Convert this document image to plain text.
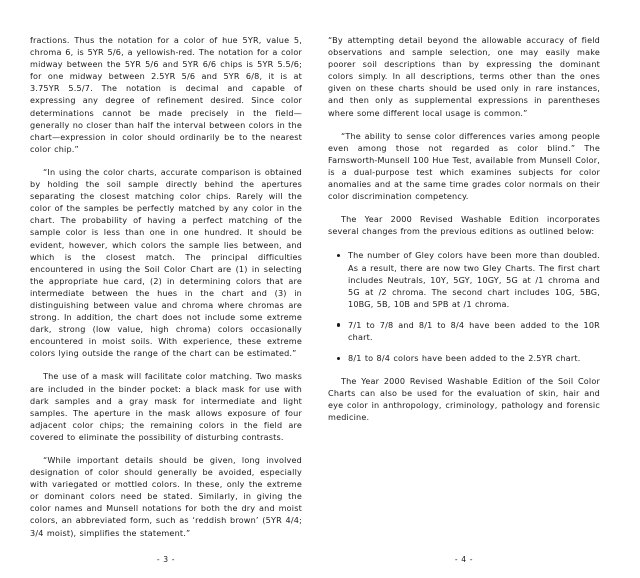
fractions. Thus the notation for a color of hue 5YR, value 5, chroma 6, is 5YR 5/6, a yellowish-red. The notation for a color midway between the 5YR 5/6 and 5YR 6/6 chips is 5YR 5.5/6; for one midway between 2.5YR 5/6 and 5YR 6/8, it is at 3.75YR 5.5/7. The notation is decimal and capable of expressing any degree of refinement desired. Since color determinations cannot be made precisely in the field—generally no closer than half the interval between colors in the chart—expression in color should ordinarily be to the nearest color chip.”

“In using the color charts, accurate comparison is obtained by holding the soil sample directly behind the apertures separating the closest matching color chips. Rarely will the color of the samples be perfectly matched by any color in the chart. The probability of having a perfect matching of the sample color is less than one in one hundred. It should be evident, however, which colors the sample lies between, and which is the closest match. The principal difficulties encountered in using the Soil Color Chart are (1) in selecting the appropriate hue card, (2) in determining colors that are intermediate between the hues in the chart and (3) in distinguishing between value and chroma where chromas are strong. In addition, the chart does not include some extreme dark, strong (low value, high chroma) colors occasionally encountered in moist soils. With experience, these extreme colors lying outside the range of the chart can be estimated.”

The use of a mask will facilitate color matching. Two masks are included in the binder pocket: a black mask for use with dark samples and a gray mask for intermediate and light samples. The aperture in the mask allows exposure of four adjacent color chips; the remaining colors in the field are covered to eliminate the possibility of disturbing contrasts.

“While important details should be given, long involved designation of color should generally be avoided, especially with variegated or mottled colors. In these, only the extreme or dominant colors need be stated. Similarly, in giving the color names and Munsell notations for both the dry and moist colors, an abbreviated form, such as ‘reddish brown’ (5YR 4/4; 3/4 moist), simplifies the statement.”

“By attempting detail beyond the allowable accuracy of field observations and sample selection, one may easily make poorer soil descriptions than by expressing the dominant colors simply. In all descriptions, terms other than the ones given on these charts should be used only in rare instances, and then only as supplemental expressions in parentheses where some different local usage is common.”

“The ability to sense color differences varies among people even among those not regarded as color blind.” The Farnsworth-Munsell 100 Hue Test, available from Munsell Color, is a dual-purpose test which examines subjects for color anomalies and at the same time grades color normals on their color discrimination competency.

The Year 2000 Revised Washable Edition incorporates several changes from the previous editions as outlined below:

The number of Gley colors have been more than doubled. As a result, there are now two Gley Charts. The first chart includes Neutrals, 10Y, 5GY, 10GY, 5G at /1 chroma and 5G at /2 chroma. The second chart includes 10G, 5BG, 10BG, 5B, 10B and 5PB at /1 chroma.
7/1 to 7/8 and 8/1 to 8/4 have been added to the 10R chart.
8/1 to 8/4 colors have been added to the 2.5YR chart.

The Year 2000 Revised Washable Edition of the Soil Color Charts can also be used for the evaluation of skin, hair and eye color in anthropology, criminology, pathology and forensic medicine.

- 3 -	- 4 -
